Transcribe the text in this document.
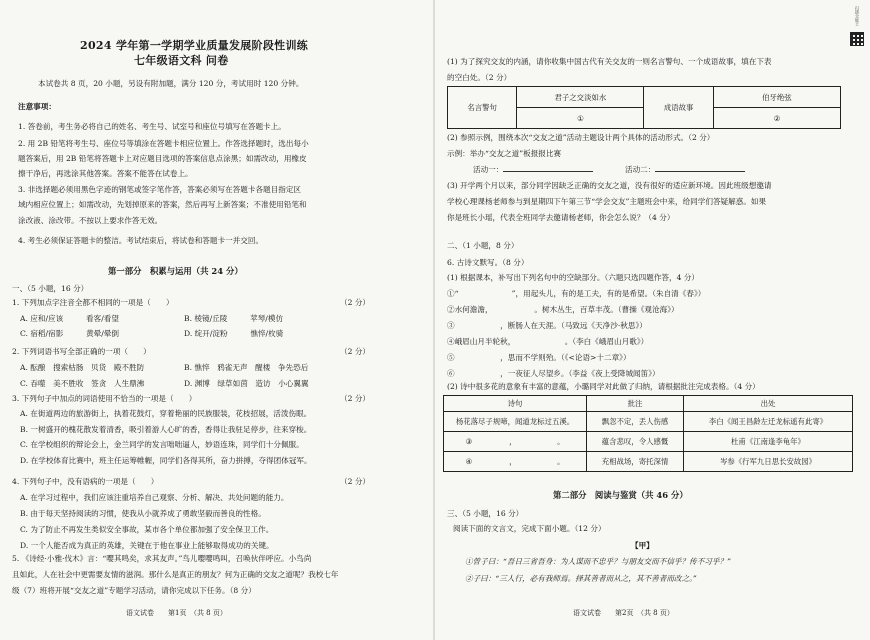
2024 学年第一学期学业质量发展阶段性训练
七年级语文科 问卷
本试卷共 8 页，20 小题，另设有附加题，满分 120 分，考试用时 120 分钟。
注意事项：
1. 答卷前，考生务必将自己的姓名、考生号、试室号和座位号填写在答题卡上。
2. 用 2B 铅笔将考生号、座位号等填涂在答题卡相应位置上。作答选择题时，选出每小
题答案后，用 2B 铅笔将答题卡上对应题目选项的答案信息点涂黑；如需改动，用橡皮
擦干净后，再选涂其他答案。答案不能答在试卷上。
3. 非选择题必须用黑色字迹的钢笔或签字笔作答，答案必须写在答题卡各题目指定区
域内相应位置上；如需改动，先划掉原来的答案，然后再写上新答案；不准使用铅笔和
涂改液、涂改带。不按以上要求作答无效。
4. 考生必须保证答题卡的整洁。考试结束后，将试卷和答题卡一并交回。
第一部分　积累与运用（共 24 分）
一、（5 小题，16 分）
1. 下列加点字注音全都不相同的一项是（　　）	（2 分）
A. 应和/应该　　　看客/看望	B. 棱镜/丘陵　　　苹琴/模仿
C. 宿稻/宿影　　　黄晕/晕倒	D. 绽开/淀粉　　　憔悴/枚骑
2. 下列词语书写全部正确的一项（　　）	（2 分）
A. 酝酿　搜索枯肠　贝货　殿不胜防	B. 憔悴　鸦雀无声　醒楼　争先恐后
C. 吞噬　美不胜收　签贪　人生鼎沸	D. 渊博　绿草如茵　造访　小心翼翼
3. 下列句子中加点的词语使用不恰当的一项是（　　）	（2 分）
A. 在街道两边的旅游街上，执着花鼓灯，穿着艳丽的民族服装，花枝招展，活泼伤眼。
B. 一树盛开的槐花散发着清香，吸引着游人心旷的香，香得让我驻足停步，往来穿梭。
C. 在学校组织的辩论会上，金兰同学的发言咄咄逼人，妙语连珠，同学们十分佩服。
D. 在学校体育比赛中，班主任运筹帷幄，同学们各得其所，奋力拼搏，夺得团体冠军。
4. 下列句子中，没有语病的一项是（　　）	（2 分）
A. 在学习过程中，我们应该注重培养自己观察、分析、解决、共处问题的能力。
B. 由于每天坚持阅读的习惯，使我从小就养成了勇敢坚毅而善良的性格。
C. 为了防止不再发生类似安全事故，某市各个单位都加强了安全保卫工作。
D. 一个人能否成为真正的英雄，关键在于他在事业上能够取得成功的关键。
5. 《诗经·小雅·伐木》言：“嘤其鸣矣，求其友声。”鸟儿嘤嘤鸣叫，召唤伙伴呼应。小鸟尚
且如此，人在社会中更需要友情的滋润。那什么是真正的朋友？何为正确的交友之道呢？我校七年
级（7）班将开展“交友之道”专题学习活动，请你完成以下任务。（8 分）
语文试卷　　第1页　（共 8 页）
(1) 为了探究交友的内涵，请你收集中国古代有关交友的一则名言警句、一个成语故事，填在下表
的空白处。（2 分）
名言警句	君子之交淡如水	成语故事	伯牙绝弦
	①		②
(2) 参照示例，围绕本次“交友之道”活动主题设计两个具体的活动形式。（2 分）
示例：举办“交友之道”板报报比赛
活动一：	活动二：
(3) 开学两个月以来，部分同学因缺乏正确的交友之道，没有很好的适应新环境。因此班级想邀请
学校心理课杨老师参与到星期四下午第三节“学会交友”主题班会中来，给同学们答疑解惑。如果
你是班长小瑶，代表全班同学去邀请杨老师，你会怎么说？（4 分）
二、（1 小题，8 分）
6. 古诗文默写。（8 分）
(1) 根据课本，补写出下列名句中的空缺部分。（六题只选四题作答，4 分）
①“　　　　　　　”，用起头儿，有的是工夫，有的是希望。（朱自清《春》）
②水何澹澹，　　　　　　。树木丛生，百草丰茂。（曹操《观沧海》）
③　　　　　　，断肠人在天涯。（马致远《天净沙·秋思》）
④峨眉山月半轮秋，　　　　　　　。（李白《峨眉山月歌》）
⑤　　　　　　，思而不学则殆。（《<论语>十二章》）
⑥　　　　　　，一夜征人尽望乡。（李益《夜上受降城闻笛》）
(2) 诗中很多花的意象有丰富的意蕴，小璐同学对此做了归纳，请根据批注完成表格。（4 分）
诗句	批注	出处
杨花落尽子规啼，闻道龙标过五溪。	飘忽不定，丢人伤感	李白《闻王昌龄左迁龙标遥有此寄》
③　　　　　，　　　　　　。	蕴含悲叹，令人感慨	杜甫《江南逢李龟年》
④　　　　　，　　　　　　。	充相战场，寄托深情	岑参《行军九日思长安故园》
第二部分　阅读与鉴赏（共 46 分）
三、（5 小题，16 分）
阅读下面的文言文，完成下面小题。（12 分）
【甲】
①曾子曰：“吾日三省吾身：为人谋而不忠乎？与朋友交而不信乎？传不习乎？”
②子曰：“三人行，必有我师焉。择其善者而从之，其不善者而改之。”
语文试卷　　第2页　（共 8 页）
扫描全能王
